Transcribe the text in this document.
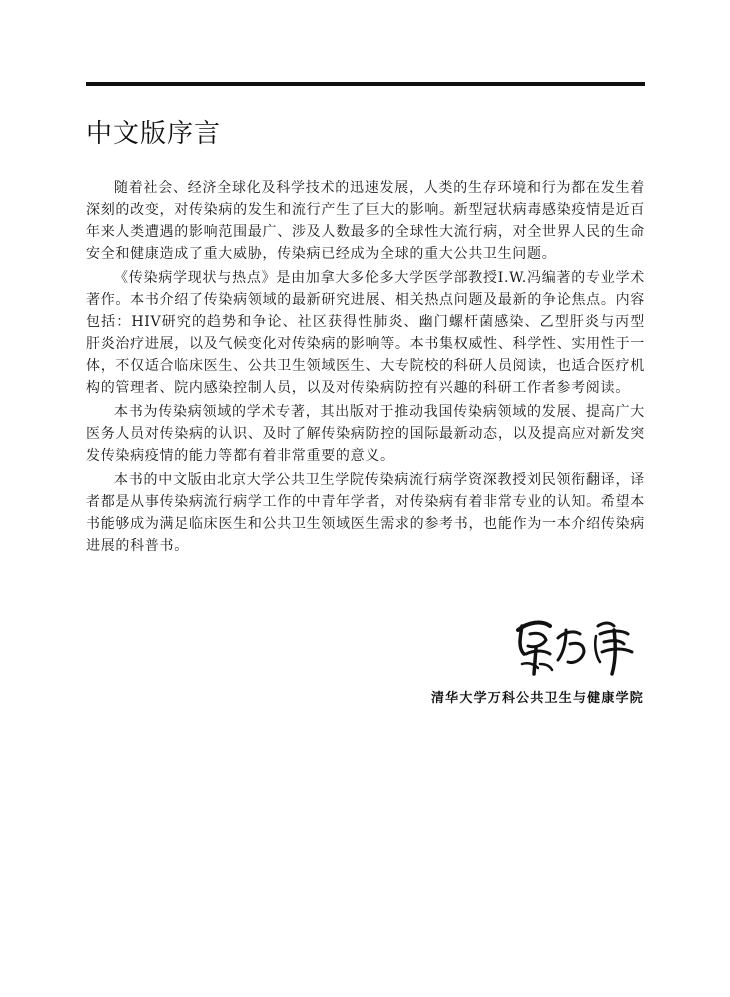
中文版序言

随着社会、经济全球化及科学技术的迅速发展，人类的生存环境和行为都在发生着深刻的改变，对传染病的发生和流行产生了巨大的影响。新型冠状病毒感染疫情是近百年来人类遭遇的影响范围最广、涉及人数最多的全球性大流行病，对全世界人民的生命安全和健康造成了重大威胁，传染病已经成为全球的重大公共卫生问题。

《传染病学现状与热点》是由加拿大多伦多大学医学部教授I.W.冯编著的专业学术著作。本书介绍了传染病领域的最新研究进展、相关热点问题及最新的争论焦点。内容包括：HIV研究的趋势和争论、社区获得性肺炎、幽门螺杆菌感染、乙型肝炎与丙型肝炎治疗进展，以及气候变化对传染病的影响等。本书集权威性、科学性、实用性于一体，不仅适合临床医生、公共卫生领域医生、大专院校的科研人员阅读，也适合医疗机构的管理者、院内感染控制人员，以及对传染病防控有兴趣的科研工作者参考阅读。

本书为传染病领域的学术专著，其出版对于推动我国传染病领域的发展、提高广大医务人员对传染病的认识、及时了解传染病防控的国际最新动态，以及提高应对新发突发传染病疫情的能力等都有着非常重要的意义。

本书的中文版由北京大学公共卫生学院传染病流行病学资深教授刘民领衔翻译，译者都是从事传染病流行病学工作的中青年学者，对传染病有着非常专业的认知。希望本书能够成为满足临床医生和公共卫生领域医生需求的参考书，也能作为一本介绍传染病进展的科普书。

清华大学万科公共卫生与健康学院
